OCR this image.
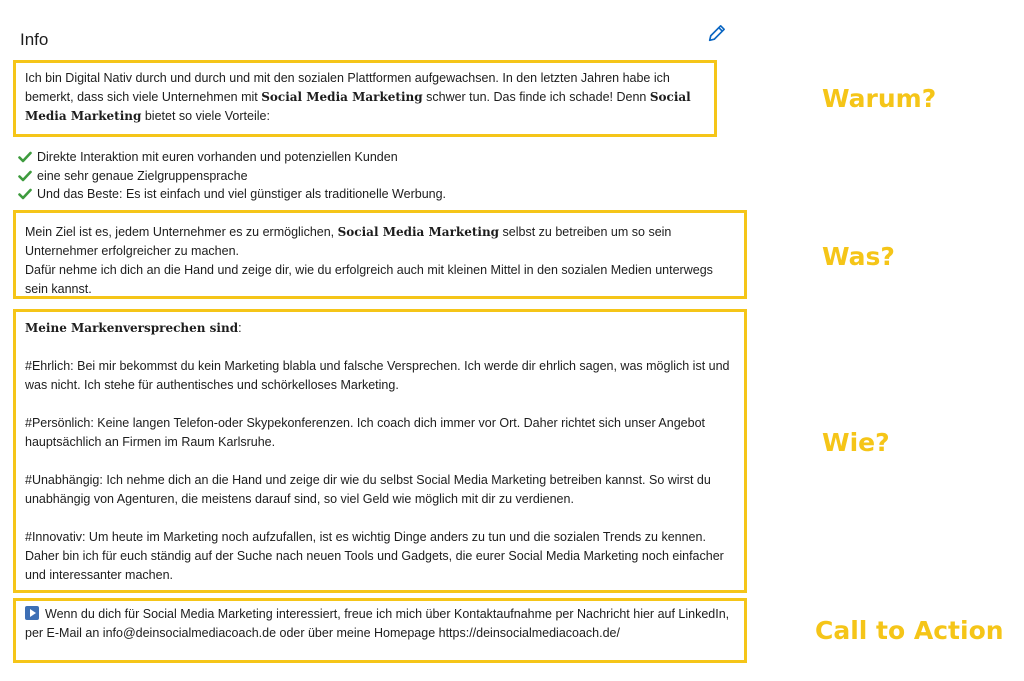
Info

Ich bin Digital Nativ durch und durch und mit den sozialen Plattformen aufgewachsen. In den letzten Jahren habe ich bemerkt, dass sich viele Unternehmen mit Social Media Marketing schwer tun. Das finde ich schade! Denn Social Media Marketing bietet so viele Vorteile:

Direkte Interaktion mit euren vorhanden und potenziellen Kunden
eine sehr genaue Zielgruppensprache
Und das Beste: Es ist einfach und viel günstiger als traditionelle Werbung.

Mein Ziel ist es, jedem Unternehmer es zu ermöglichen, Social Media Marketing selbst zu betreiben um so sein Unternehmer erfolgreicher zu machen.

Dafür nehme ich dich an die Hand und zeige dir, wie du erfolgreich auch mit kleinen Mittel in den sozialen Medien unterwegs sein kannst.

Meine Markenversprechen sind:

#Ehrlich: Bei mir bekommst du kein Marketing blabla und falsche Versprechen. Ich werde dir ehrlich sagen, was möglich ist und was nicht. Ich stehe für authentisches und schörkelloses Marketing.

#Persönlich: Keine langen Telefon-oder Skypekonferenzen. Ich coach dich immer vor Ort. Daher richtet sich unser Angebot hauptsächlich an Firmen im Raum Karlsruhe.

#Unabhängig: Ich nehme dich an die Hand und zeige dir wie du selbst Social Media Marketing betreiben kannst. So wirst du unabhängig von Agenturen, die meistens darauf sind, so viel Geld wie möglich mit dir zu verdienen.

#Innovativ: Um heute im Marketing noch aufzufallen, ist es wichtig Dinge anders zu tun und die sozialen Trends zu kennen. Daher bin ich für euch ständig auf der Suche nach neuen Tools und Gadgets, die eurer Social Media Marketing noch einfacher und interessanter machen.

Wenn du dich für Social Media Marketing interessiert, freue ich mich über Kontaktaufnahme per Nachricht hier auf LinkedIn, per E-Mail an info@deinsocialmediacoach.de oder über meine Homepage https://deinsocialmediacoach.de/

Warum?
Was?
Wie?
Call to Action
